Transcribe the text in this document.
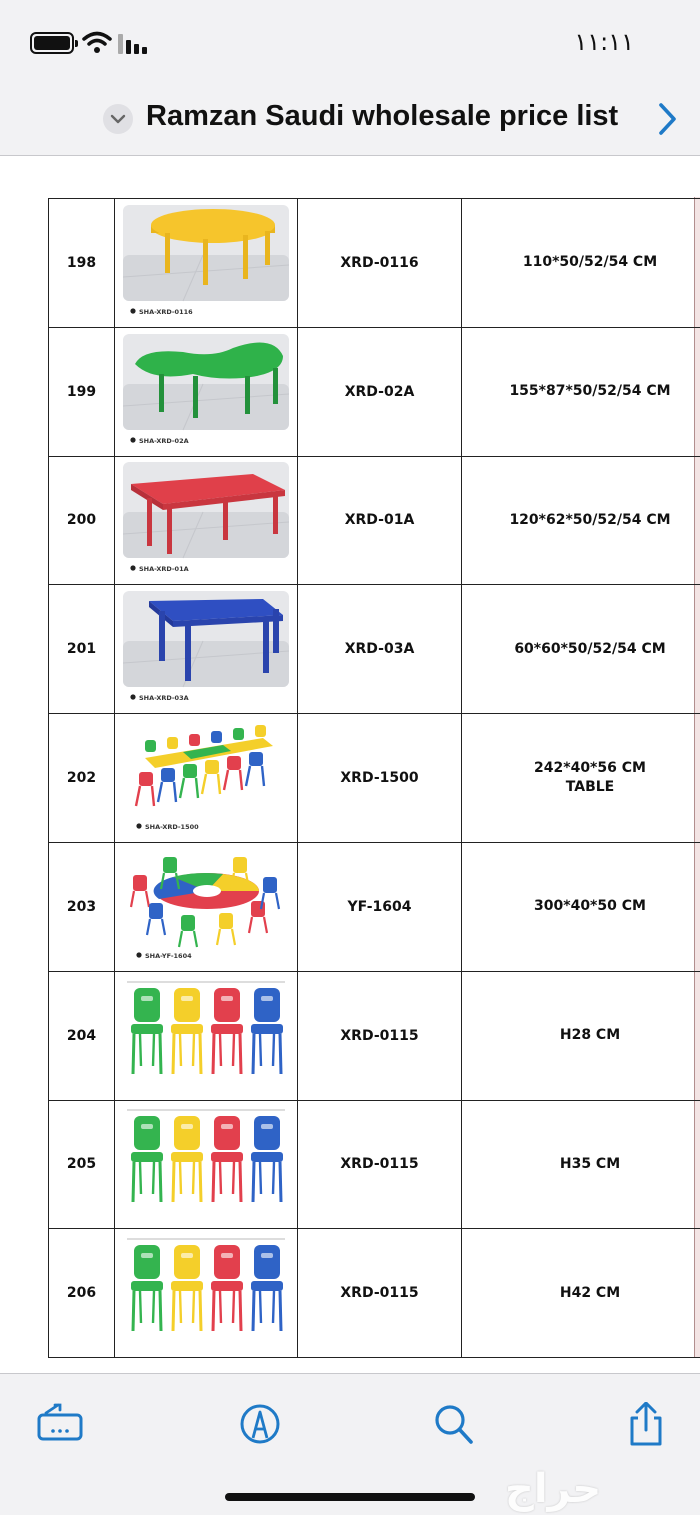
١١:١١
Ramzan Saudi wholesale price list
198	SHA-XRD-0116	XRD-0116	110*50/52/54 CM

199	SHA-XRD-02A	XRD-02A	155*87*50/52/54 CM

200	SHA-XRD-01A	XRD-01A	120*62*50/52/54 CM

201	SHA-XRD-03A	XRD-03A	60*60*50/52/54 CM

202	SHA-XRD-1500	XRD-1500	242*40*56 CM
TABLE

203	SHA-YF-1604	YF-1604	300*40*50 CM

204		XRD-0115	H28 CM

205		XRD-0115	H35 CM

206		XRD-0115	H42 CM
حراج
